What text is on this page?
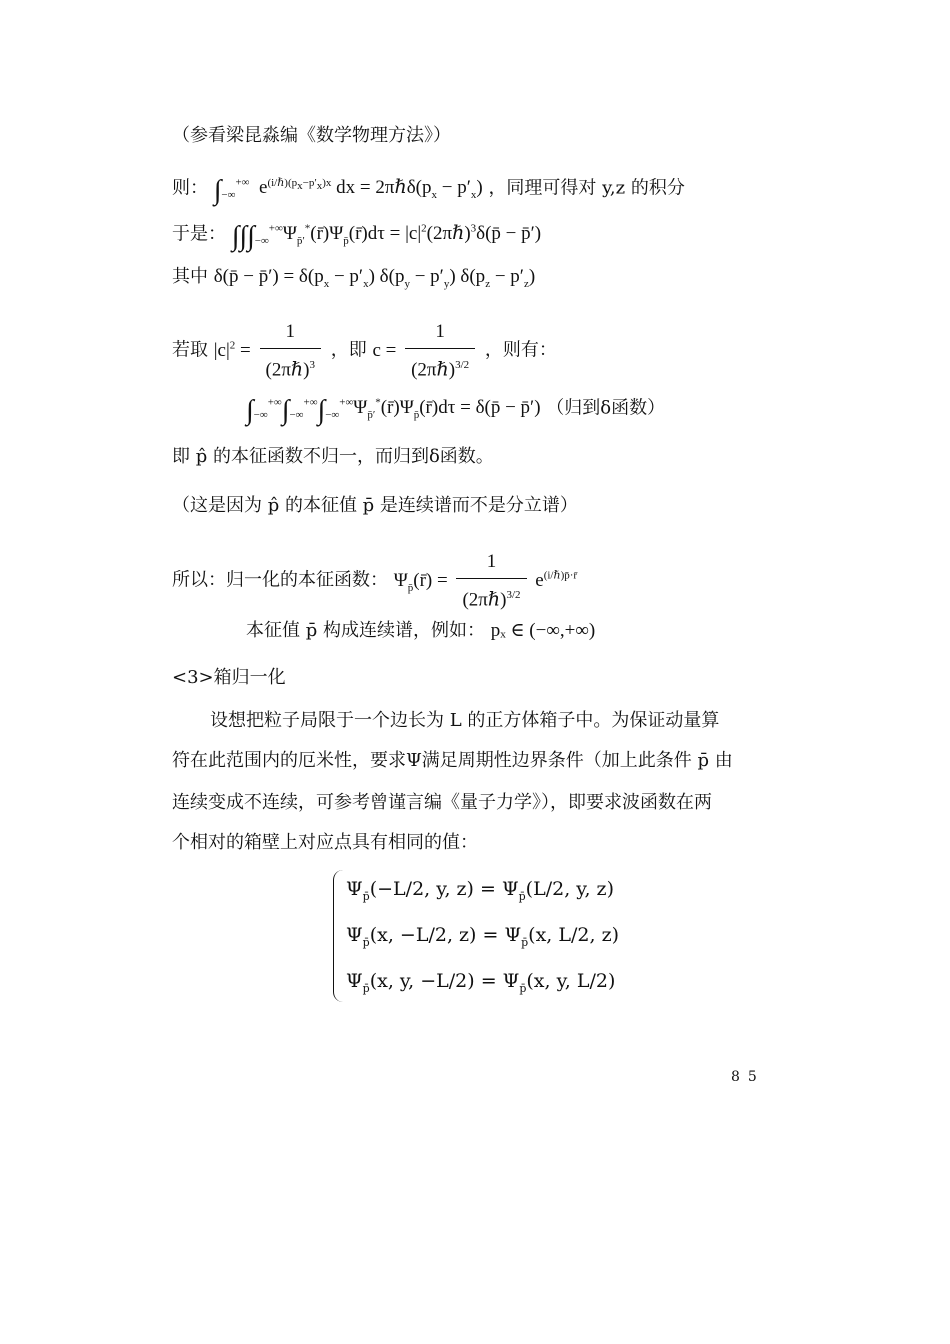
（参看梁昆淼编《数学物理方法》）
则： $\int_{-\infty}^{+\infty}$  $e^{(i/\hbar)(p_x-p'_x)x}$ dx = $2\pi\hbar\delta(p_x - p'_x)$ ，同理可得对 y,z 的积分
于是： $\int\int\int_{-\infty}^{+\infty}\Psi_{p̄'}^*(r̄)\Psi_{p̄}(r̄)d\tau$ = $|c|^2(2\pi\hbar)^3\delta(p̄$ − p̄′)
其中 δ(p̄ − p̄′) = $\delta(p_x - p'_x) \delta(p_y - p'_y) \delta(p_z - p'_z)$
若取 $|c|^2 = \frac{1}{(2\pi\hbar)^3}$ ，即 $c = \frac{1}{(2\pi\hbar)^{3/2}}$ ，则有：
$\int_{-\infty}^{+\infty}\int_{-\infty}^{+\infty}\int_{-\infty}^{+\infty}\Psi_{p̄'}^*(r̄)\Psi_{p̄}(r̄)d\tau$ = δ(p̄ − p̄′) （归到δ函数）
即 p̂ 的本征函数不归一，而归到δ函数。
（这是因为 p̂ 的本征值 p̄ 是连续谱而不是分立谱）
所以：归一化的本征函数： $\Psi_{p̄}(r̄) = \frac{1}{(2\pi\hbar)^{3/2}} e^{(i/\hbar)p̄\cdot r̄}$
本征值 p̄ 构成连续谱，例如： pₓ ∈ (−∞,+∞)
<3>箱归一化
设想把粒子局限于一个边长为 L 的正方体箱子中。为保证动量算
符在此范围内的厄米性，要求Ψ满足周期性边界条件（加上此条件 p̄ 由
连续变成不连续，可参考曾谨言编《量子力学》），即要求波函数在两
个相对的箱壁上对应点具有相同的值：
$\Psi_{p̄}(-L/2$, y, $z) = \Psi_{p̄}(L/2$, y, z)
$\Psi_{p̄}(x$, −L/2, $z) = \Psi_{p̄}(x$, L/2, z)
$\Psi_{p̄}(x$, y, $-L/2) = \Psi_{p̄}(x$, y, L/2)
85
